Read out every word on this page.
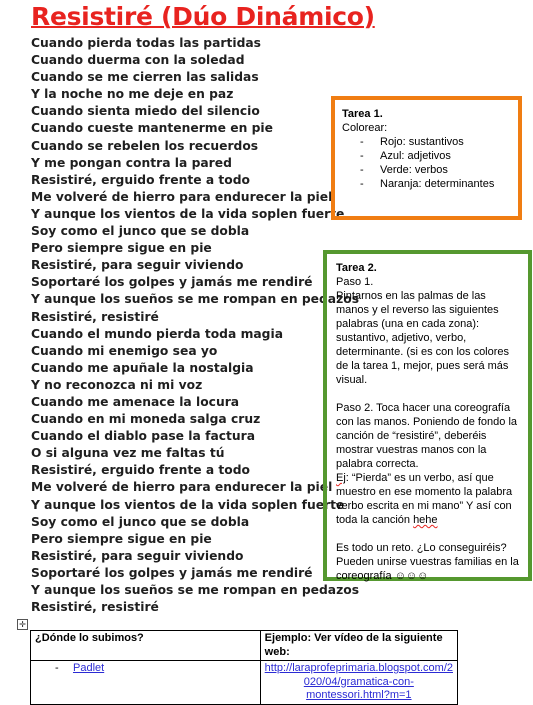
Resistiré (Dúo Dinámico)
Cuando pierda todas las partidas
Cuando duerma con la soledad
Cuando se me cierren las salidas
Y la noche no me deje en paz
Cuando sienta miedo del silencio
Cuando cueste mantenerme en pie
Cuando se rebelen los recuerdos
Y me pongan contra la pared
Resistiré, erguido frente a todo
Me volveré de hierro para endurecer la piel
Y aunque los vientos de la vida soplen fuerte
Soy como el junco que se dobla
Pero siempre sigue en pie
Resistiré, para seguir viviendo
Soportaré los golpes y jamás me rendiré
Y aunque los sueños se me rompan en pedazos
Resistiré, resistiré
Cuando el mundo pierda toda magia
Cuando mi enemigo sea yo
Cuando me apuñale la nostalgia
Y no reconozca ni mi voz
Cuando me amenace la locura
Cuando en mi moneda salga cruz
Cuando el diablo pase la factura
O si alguna vez me faltas tú
Resistiré, erguido frente a todo
Me volveré de hierro para endurecer la piel
Y aunque los vientos de la vida soplen fuerte
Soy como el junco que se dobla
Pero siempre sigue en pie
Resistiré, para seguir viviendo
Soportaré los golpes y jamás me rendiré
Y aunque los sueños se me rompan en pedazos
Resistiré, resistiré
Tarea 1.
Colorear:
- Rojo: sustantivos
- Azul: adjetivos
- Verde: verbos
- Naranja: determinantes
Tarea 2.
Paso 1.

Pintarnos en las palmas de las manos y el reverso las siguientes palabras (una en cada zona): sustantivo, adjetivo, verbo, determinante. (si es con los colores de la tarea 1, mejor, pues será más visual.

Paso 2. Toca hacer una coreografía con las manos. Poniendo de fondo la canción de “resistiré”, deberéis mostrar vuestras manos con la palabra correcta.

Ej: “Pierda” es un verbo, así que muestro en ese momento la palabra verbo escrita en mi mano” Y así con toda la canción hehe

Es todo un reto. ¿Lo conseguiréis? Pueden unirse vuestras familias en la coreografía ☺☺☺

✛
¿Dónde lo subimos?	Ejemplo: Ver vídeo de la siguiente web:
- Padlet	http://laraprofeprimaria.blogspot.com/2
020/04/gramatica-con-
montessori.html?m=1
